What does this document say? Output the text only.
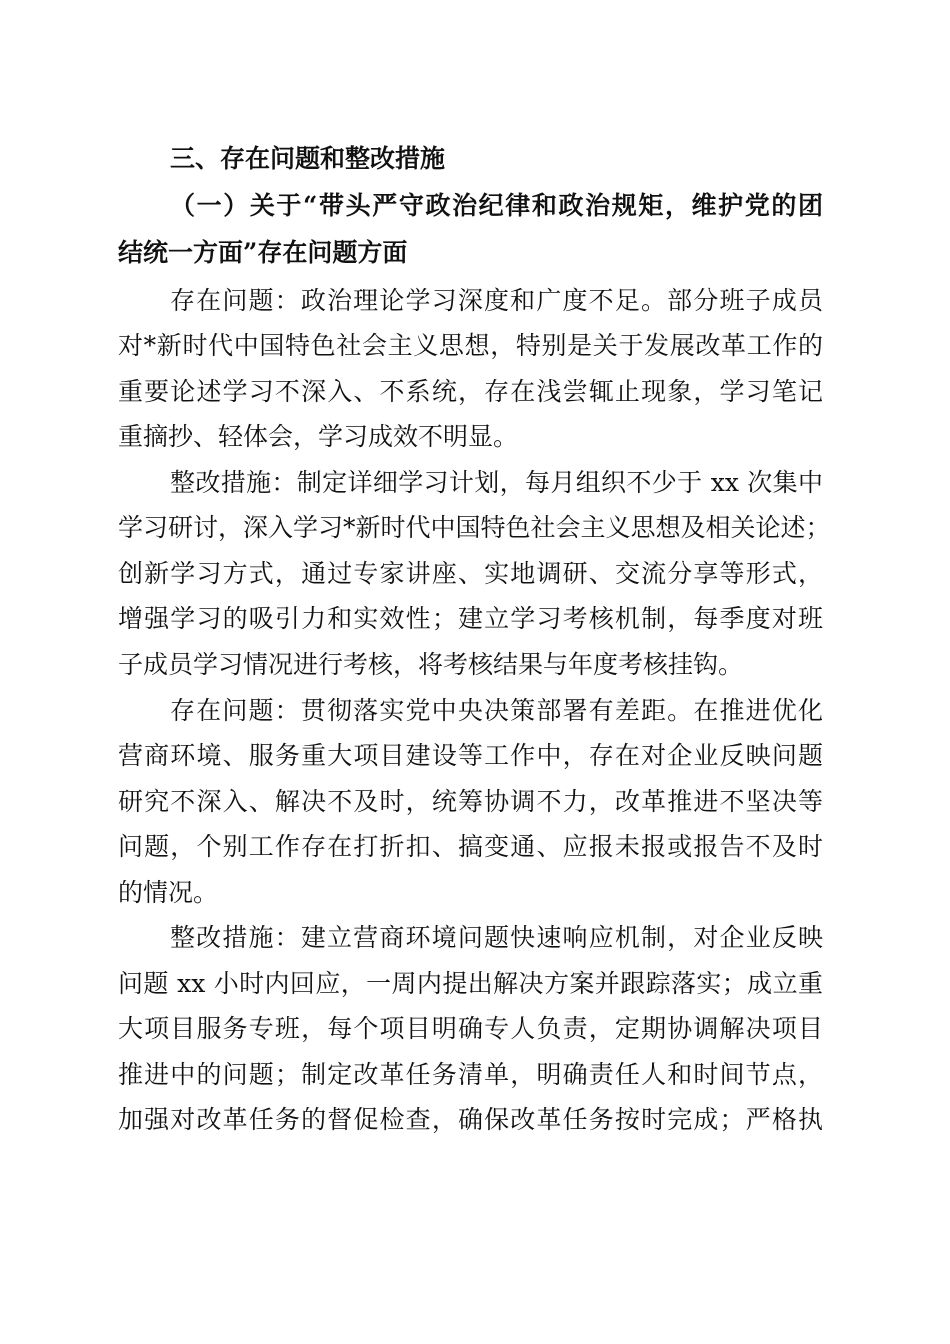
三、存在问题和整改措施
（一）关于“带头严守政治纪律和政治规矩，维护党的团
结统一方面”存在问题方面
存在问题：政治理论学习深度和广度不足。部分班子成员
对*新时代中国特色社会主义思想，特别是关于发展改革工作的
重要论述学习不深入、不系统，存在浅尝辄止现象，学习笔记
重摘抄、轻体会，学习成效不明显。
整改措施：制定详细学习计划，每月组织不少于 xx 次集中
学习研讨，深入学习*新时代中国特色社会主义思想及相关论述；
创新学习方式，通过专家讲座、实地调研、交流分享等形式，
增强学习的吸引力和实效性；建立学习考核机制，每季度对班
子成员学习情况进行考核，将考核结果与年度考核挂钩。
存在问题：贯彻落实党中央决策部署有差距。在推进优化
营商环境、服务重大项目建设等工作中，存在对企业反映问题
研究不深入、解决不及时，统筹协调不力，改革推进不坚决等
问题，个别工作存在打折扣、搞变通、应报未报或报告不及时
的情况。
整改措施：建立营商环境问题快速响应机制，对企业反映
问题 xx 小时内回应，一周内提出解决方案并跟踪落实；成立重
大项目服务专班，每个项目明确专人负责，定期协调解决项目
推进中的问题；制定改革任务清单，明确责任人和时间节点，
加强对改革任务的督促检查，确保改革任务按时完成；严格执
